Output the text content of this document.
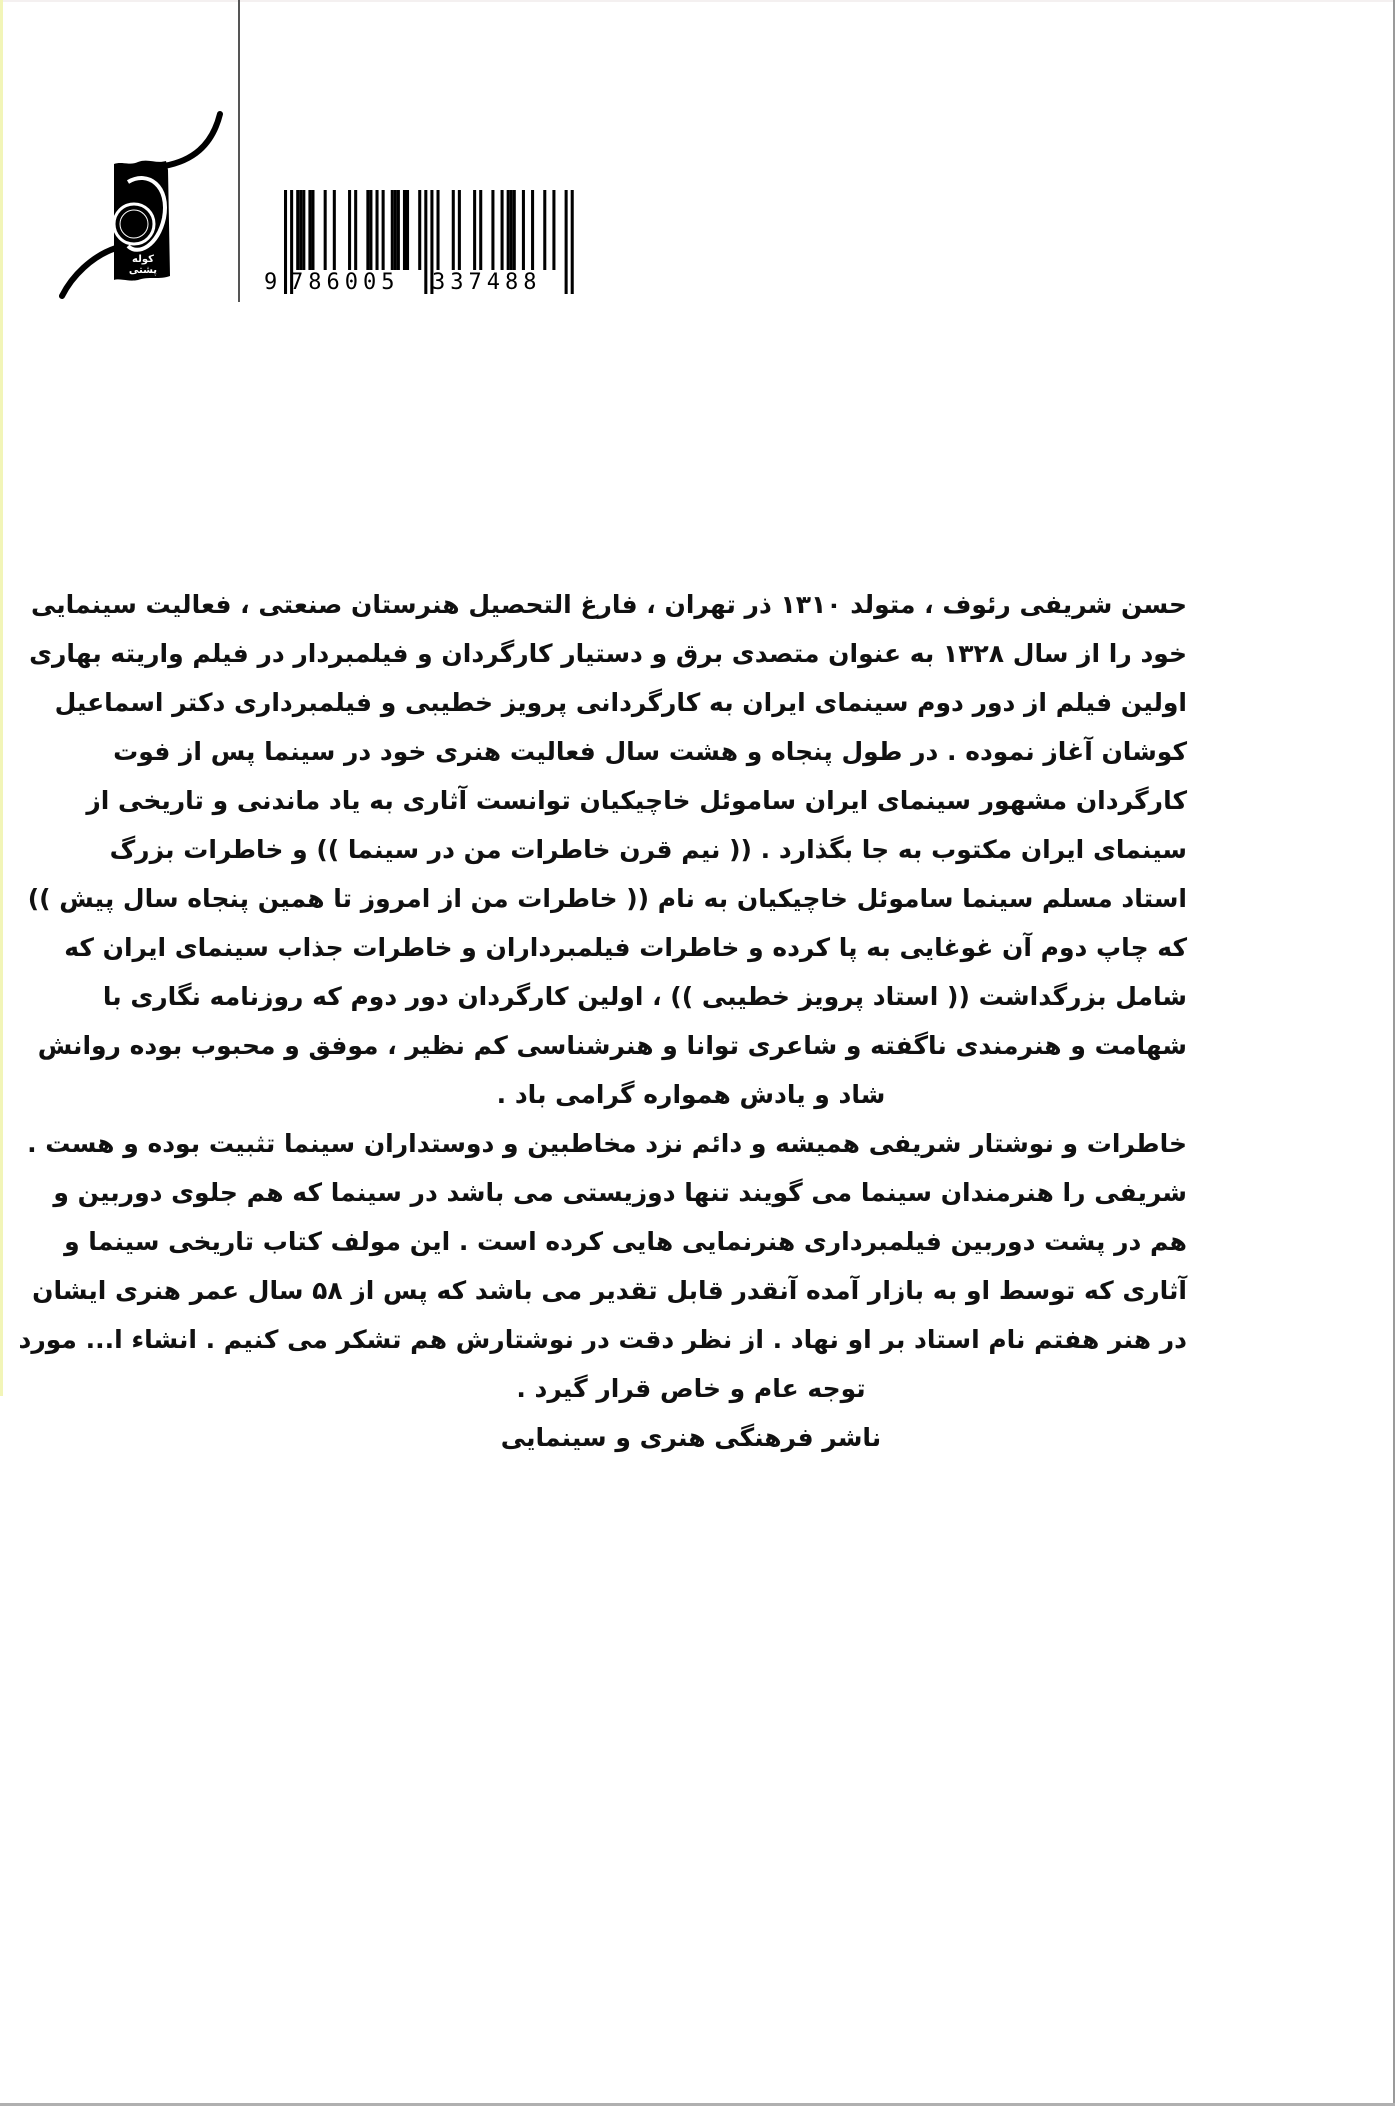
کوله پشتی	9 786005 337488
حسن شریفی رئوف ، متولد ۱۳۱۰ ذر تهران ، فارغ التحصیل هنرستان صنعتی ، فعالیت سینمایی
خود را از سال ۱۳۲۸ به عنوان متصدی برق و دستیار کارگردان و فیلمبردار در فیلم واریته بهاری
اولین فیلم از دور دوم سینمای ایران به کارگردانی پرویز خطیبی و فیلمبرداری دکتر اسماعیل
کوشان آغاز نموده . در طول پنجاه و هشت سال فعالیت هنری خود در سینما پس از فوت
کارگردان مشهور سینمای ایران ساموئل خاچیکیان توانست آثاری به یاد ماندنی و تاریخی از
سینمای ایران مکتوب به جا بگذارد . (( نیم قرن خاطرات من در سینما )) و خاطرات بزرگ
استاد مسلم سینما ساموئل خاچیکیان به نام (( خاطرات من از امروز تا همین پنجاه سال پیش ))
که چاپ دوم آن غوغایی به پا کرده و خاطرات فیلمبرداران و خاطرات جذاب سینمای ایران که
شامل بزرگداشت (( استاد پرویز خطیبی )) ، اولین کارگردان دور دوم که روزنامه نگاری با
شهامت و هنرمندی ناگفته و شاعری توانا و هنرشناسی کم نظیر ، موفق و محبوب بوده روانش
شاد و یادش همواره گرامی باد .
خاطرات و نوشتار شریفی همیشه و دائم نزد مخاطبین و دوستداران سینما تثبیت بوده و هست .
شریفی را هنرمندان سینما می گویند تنها دوزیستی می باشد در سینما که هم جلوی دوربین و
هم در پشت دوربین فیلمبرداری هنرنمایی هایی کرده است . این مولف کتاب تاریخی سینما و
آثاری که توسط او به بازار آمده آنقدر قابل تقدیر می باشد که پس از ۵۸ سال عمر هنری ایشان
در هنر هفتم نام استاد بر او نهاد . از نظر دقت در نوشتارش هم تشکر می کنیم . انشاء ا... مورد
توجه عام و خاص قرار گیرد .
ناشر فرهنگی هنری و سینمایی
